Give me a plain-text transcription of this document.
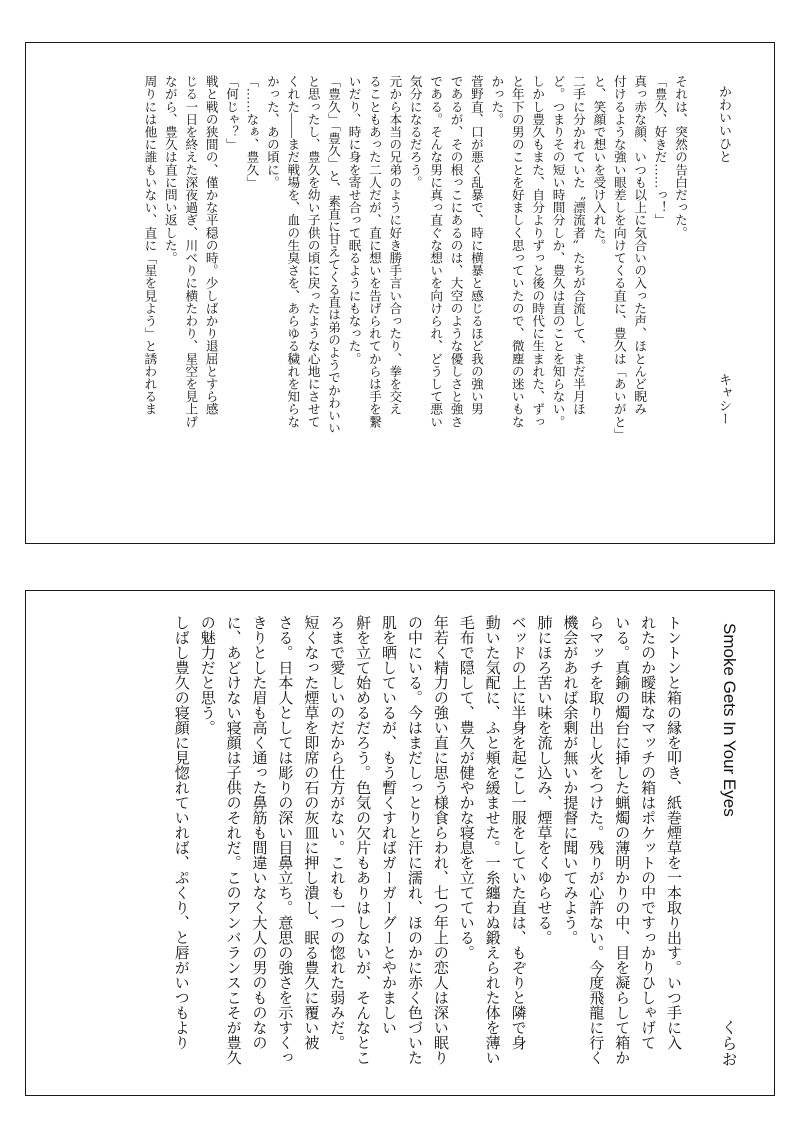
かわいいひと
キャシー
それは、突然の告白だった。
「豊久、好きだ……っ！」
真っ赤な顔、いつも以上に気合いの入った声、ほとんど睨み
付けるような強い眼差しを向けてくる直に、豊久は「あいがと」
と、笑顔で想いを受け入れた。
二手に分かれていた〝漂流者〟たちが合流して、まだ半月ほ
ど。つまりその短い時間分しか、豊久は直のことを知らない。
しかし豊久もまた、自分よりずっと後の時代に生まれた、ずっ
と年下の男のことを好ましく思っていたので、微塵の迷いもな
かった。
菅野直、口が悪く乱暴で、時に横暴と感じるほど我の強い男
であるが、その根っこにあるのは、大空のような優しさと強さ
である。そんな男に真っ直ぐな想いを向けられ、どうして悪い
気分になるだろう。
元から本当の兄弟のように好き勝手言い合ったり、拳を交え
ることもあった二人だが、直に想いを告げられてからは手を繋
いだり、時に身を寄せ合って眠るようにもなった。
「豊久」「豊久」と、素直に甘えてくる直は弟のようでかわいい
と思ったし、豊久を幼い子供の頃に戻ったような心地にさせて
くれた――まだ戦場を、血の生臭さを、あらゆる穢れを知らな
かった、あの頃に。
「……なぁ、豊久」
「何じゃ？」
戦と戦の狭間の、僅かな平穏の時。少しばかり退屈とすら感
じる一日を終えた深夜過ぎ、川べりに横たわり、星空を見上げ
ながら、豊久は直に問い返した。
周りには他に誰もいない、直に「星を見よう」と誘われるま
Smoke Gets In Your Eyes
くらお
トントンと箱の縁を叩き、紙巻煙草を一本取り出す。いつ手に入
れたのか曖昧なマッチの箱はポケットの中ですっかりひしゃげて
いる。真鍮の燭台に挿した蝋燭の薄明かりの中、目を凝らして箱か
らマッチを取り出し火をつけた。残りが心許ない。今度飛龍に行く
機会があれば余剰が無いか提督に聞いてみよう。
肺にほろ苦い味を流し込み、煙草をくゆらせる。
ベッドの上に半身を起こし一服をしていた直は、もぞりと隣で身
動いた気配に、ふと頬を緩ませた。一糸纏わぬ鍛えられた体を薄い
毛布で隠して、豊久が健やかな寝息を立てている。
年若く精力の強い直に思う様食らわれ、七つ年上の恋人は深い眠り
の中にいる。今はまだしっとりと汗に濡れ、ほのかに赤く色づいた
肌を晒しているが、もう暫くすればガーガーグーとやかましい
鼾を立て始めるだろう。色気の欠片もありはしないが、そんなとこ
ろまで愛しいのだから仕方がない。これも一つの惚れた弱みだ。
短くなった煙草を即席の石の灰皿に押し潰し、眠る豊久に覆い被
さる。日本人としては彫りの深い目鼻立ち。意思の強さを示すくっ
きりとした眉も高く通った鼻筋も間違いなく大人の男のものなの
に、あどけない寝顔は子供のそれだ。このアンバランスこそが豊久
の魅力だと思う。
しばし豊久の寝顔に見惚れていれば、ぷくり、と唇がいつもより
